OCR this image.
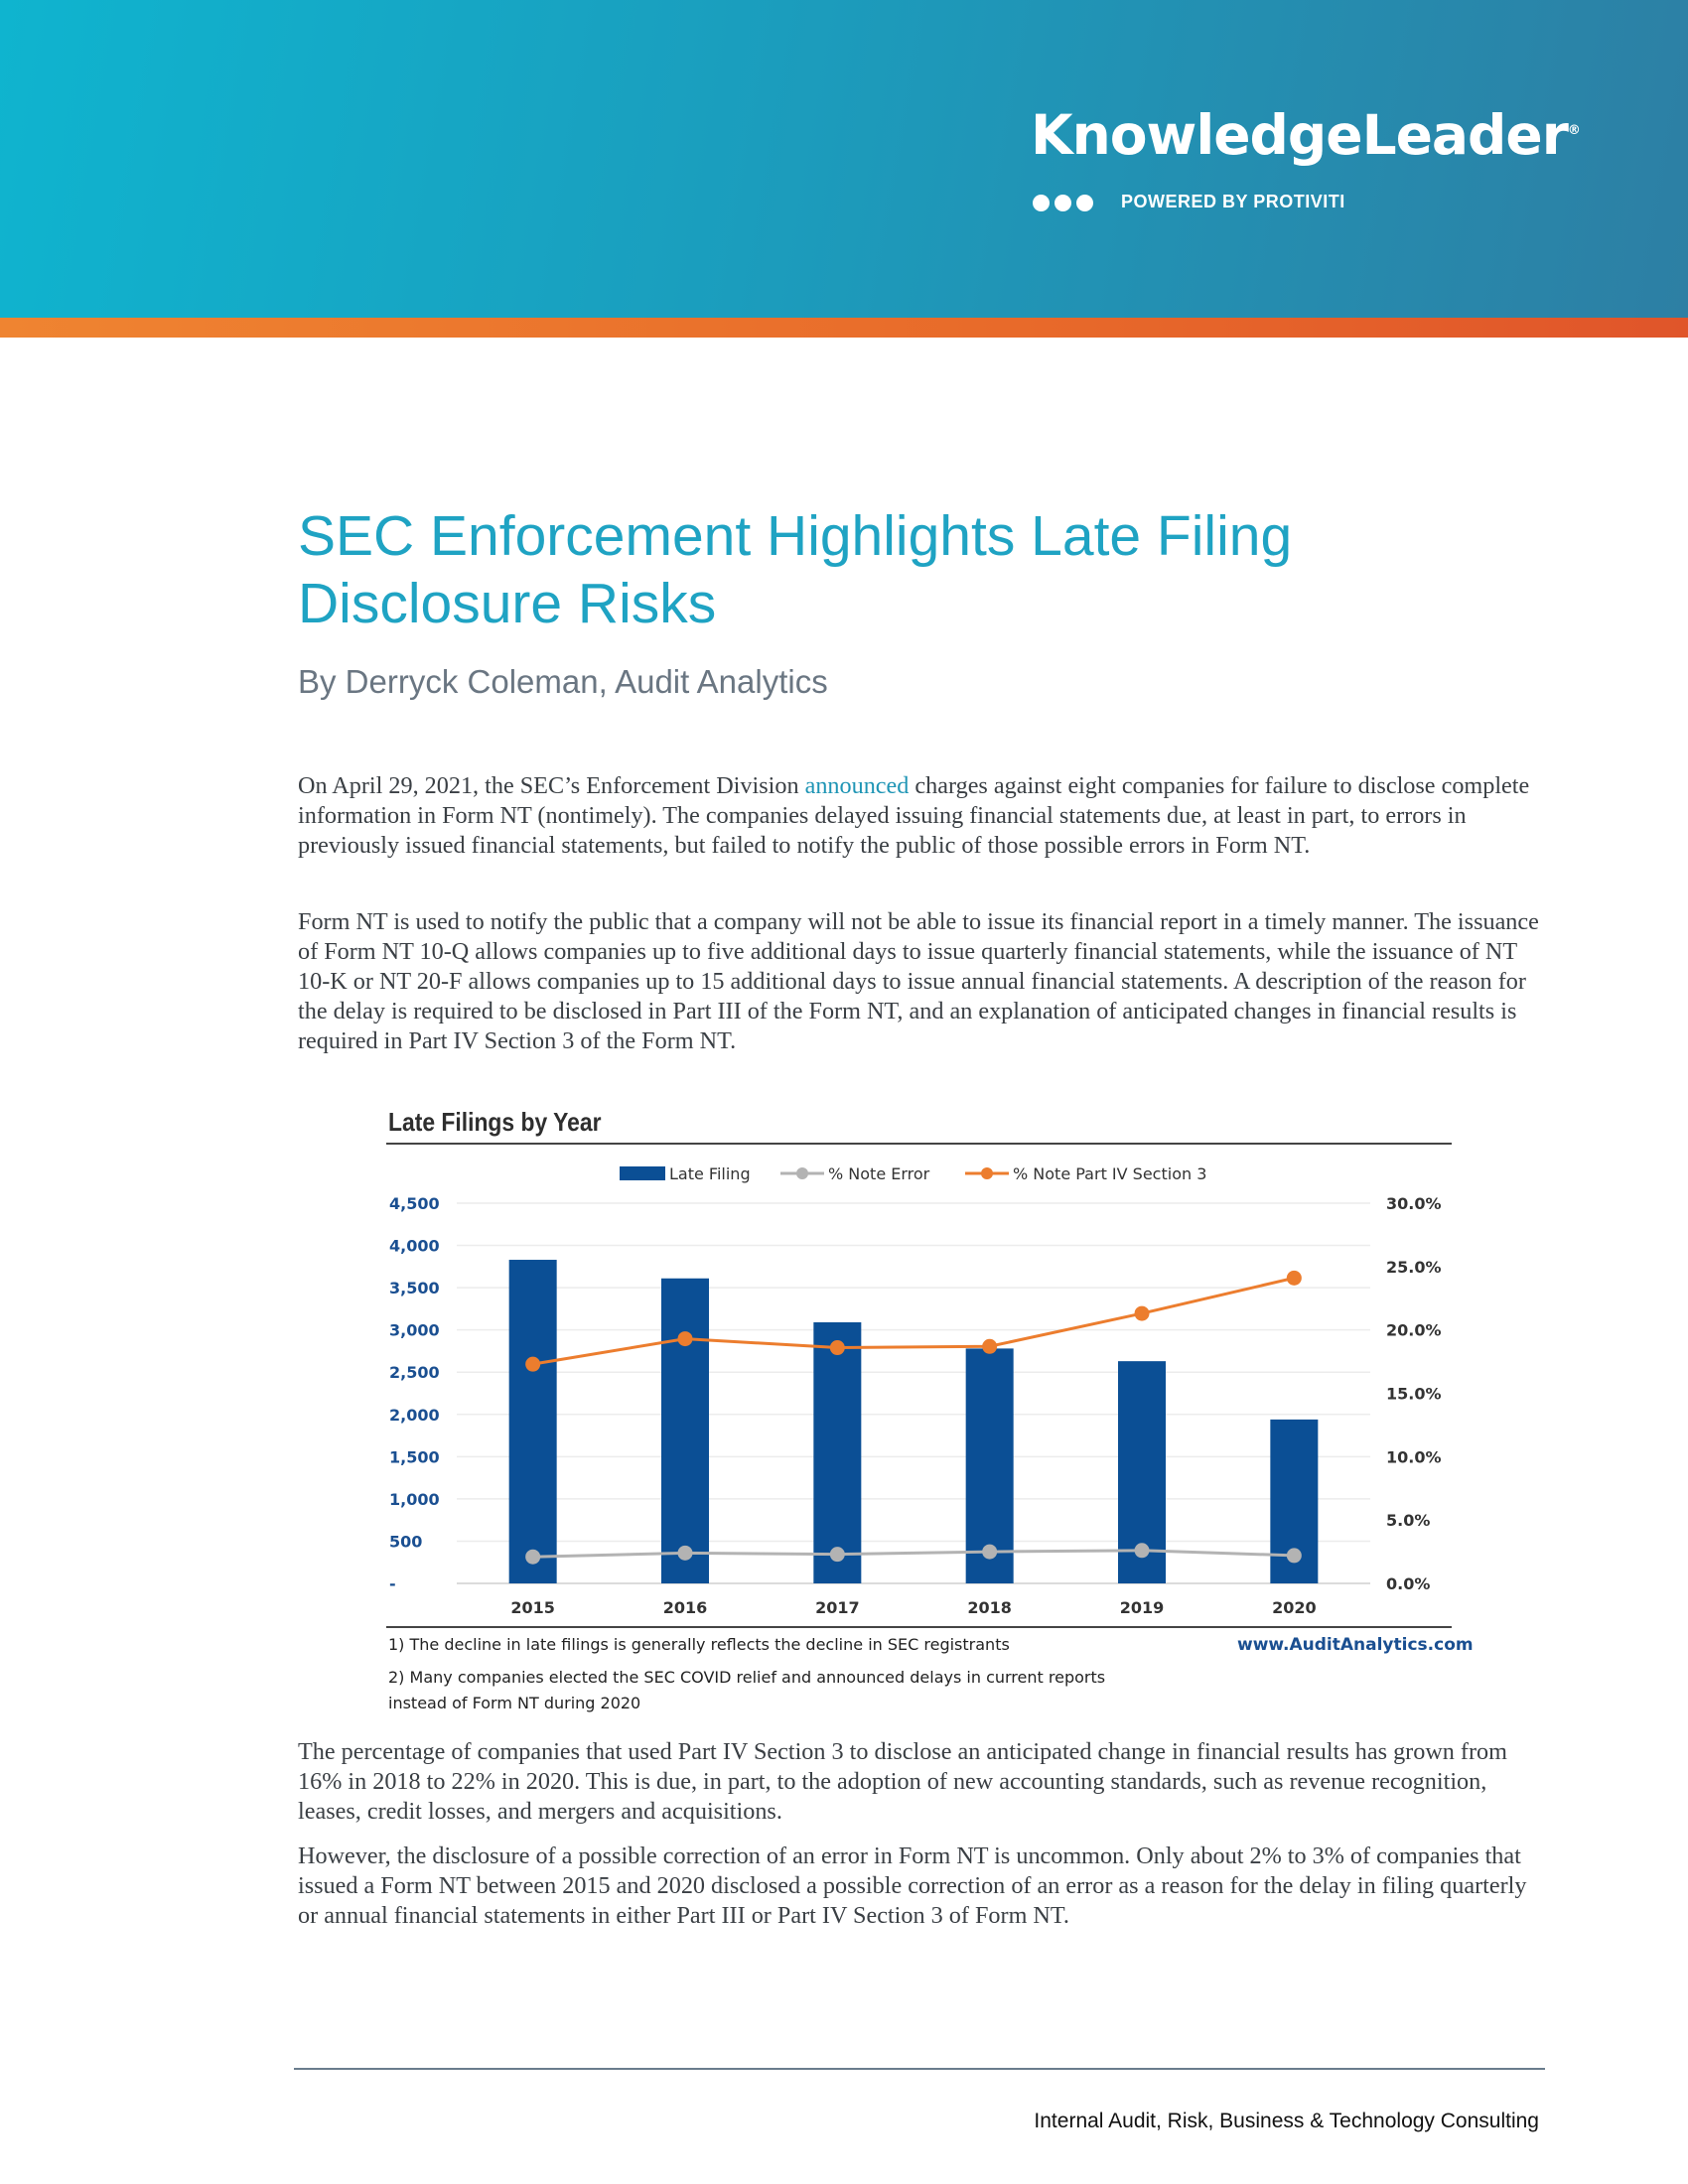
KnowledgeLeader®
POWERED BY PROTIVITI
SEC Enforcement Highlights Late Filing Disclosure Risks
By Derryck Coleman, Audit Analytics

On April 29, 2021, the SEC’s Enforcement Division announced charges against eight companies for failure to disclose complete information in Form NT (nontimely). The companies delayed issuing financial statements due, at least in part, to errors in previously issued financial statements, but failed to notify the public of those possible errors in Form NT.

Form NT is used to notify the public that a company will not be able to issue its financial report in a timely manner. The issuance of Form NT 10-Q allows companies up to five additional days to issue quarterly financial statements, while the issuance of NT 10-K or NT 20-F allows companies up to 15 additional days to issue annual financial statements. A description of the reason for the delay is required to be disclosed in Part III of the Form NT, and an explanation of anticipated changes in financial results is required in Part IV Section 3 of the Form NT.

Late Filings by Year
-
500
1,000
1,500
2,000
2,500
3,000
3,500
4,000
4,500
0.0%
5.0%
10.0%
15.0%
20.0%
25.0%
30.0%
2015	2016	2017	2018	2019	2020
Late Filing	% Note Error	% Note Part IV Section 3
1) The decline in late filings is generally reflects the decline in SEC registrants	www.AuditAnalytics.com
2) Many companies elected the SEC COVID relief and announced delays in current reports
instead of Form NT during 2020

The percentage of companies that used Part IV Section 3 to disclose an anticipated change in financial results has grown from 16% in 2018 to 22% in 2020. This is due, in part, to the adoption of new accounting standards, such as revenue recognition, leases, credit losses, and mergers and acquisitions.

However, the disclosure of a possible correction of an error in Form NT is uncommon. Only about 2% to 3% of companies that issued a Form NT between 2015 and 2020 disclosed a possible correction of an error as a reason for the delay in filing quarterly or annual financial statements in either Part III or Part IV Section 3 of Form NT.

Internal Audit, Risk, Business & Technology Consulting
